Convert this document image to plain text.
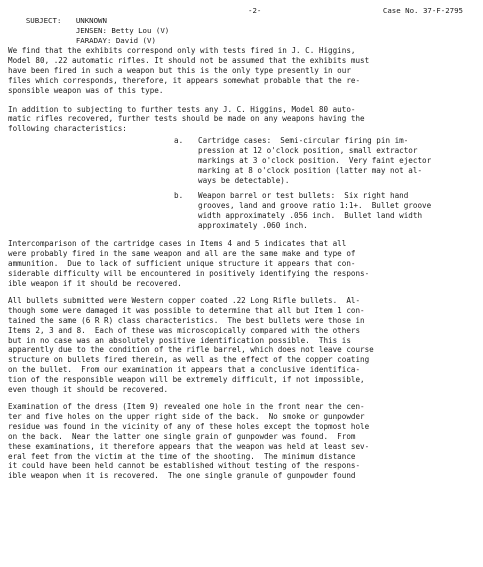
SUBJECT: UNKNOWN

-2-

	Case No. 37-F-2795

JENSEN: Betty Lou (V)

FARADAY: David (V)

We find that the exhibits correspond only with tests fired in J. C. Higgins,
Model 80, .22 automatic rifles. It should not be assumed that the exhibits must
have been fired in such a weapon but this is the only type presently in our
files which corresponds, therefore, it appears somewhat probable that the re-
sponsible weapon was of this type.

In addition to subjecting to further tests any J. C. Higgins, Model 80 auto-
matic rifles recovered, further tests should be made on any weapons having the
following characteristics:

a. Cartridge cases:  Semi-circular firing pin im-
pression at 12 o'clock position, small extractor
markings at 3 o'clock position.  Very faint ejector
marking at 8 o'clock position (latter may not al-
ways be detectable).

b. Weapon barrel or test bullets:  Six right hand
grooves, land and groove ratio 1:1+.  Bullet groove
width approximately .056 inch.  Bullet land width
approximately .060 inch.

Intercomparison of the cartridge cases in Items 4 and 5 indicates that all
were probably fired in the same weapon and all are the same make and type of
ammunition.  Due to lack of sufficient unique structure it appears that con-
siderable difficulty will be encountered in positively identifying the respons-
ible weapon if it should be recovered.

All bullets submitted were Western copper coated .22 Long Rifle bullets.  Al-
though some were damaged it was possible to determine that all but Item 1 con-
tained the same (6 R R) class characteristics.  The best bullets were those in
Items 2, 3 and 8.  Each of these was microscopically compared with the others
but in no case was an absolutely positive identification possible.  This is
apparently due to the condition of the rifle barrel, which does not leave course
structure on bullets fired therein, as well as the effect of the copper coating
on the bullet.  From our examination it appears that a conclusive identifica-
tion of the responsible weapon will be extremely difficult, if not impossible,
even though it should be recovered.

Examination of the dress (Item 9) revealed one hole in the front near the cen-
ter and five holes on the upper right side of the back.  No smoke or gunpowder
residue was found in the vicinity of any of these holes except the topmost hole
on the back.  Near the latter one single grain of gunpowder was found.  From
these examinations, it therefore appears that the weapon was held at least sev-
eral feet from the victim at the time of the shooting.  The minimum distance
it could have been held cannot be established without testing of the respons-
ible weapon when it is recovered.  The one single granule of gunpowder found
